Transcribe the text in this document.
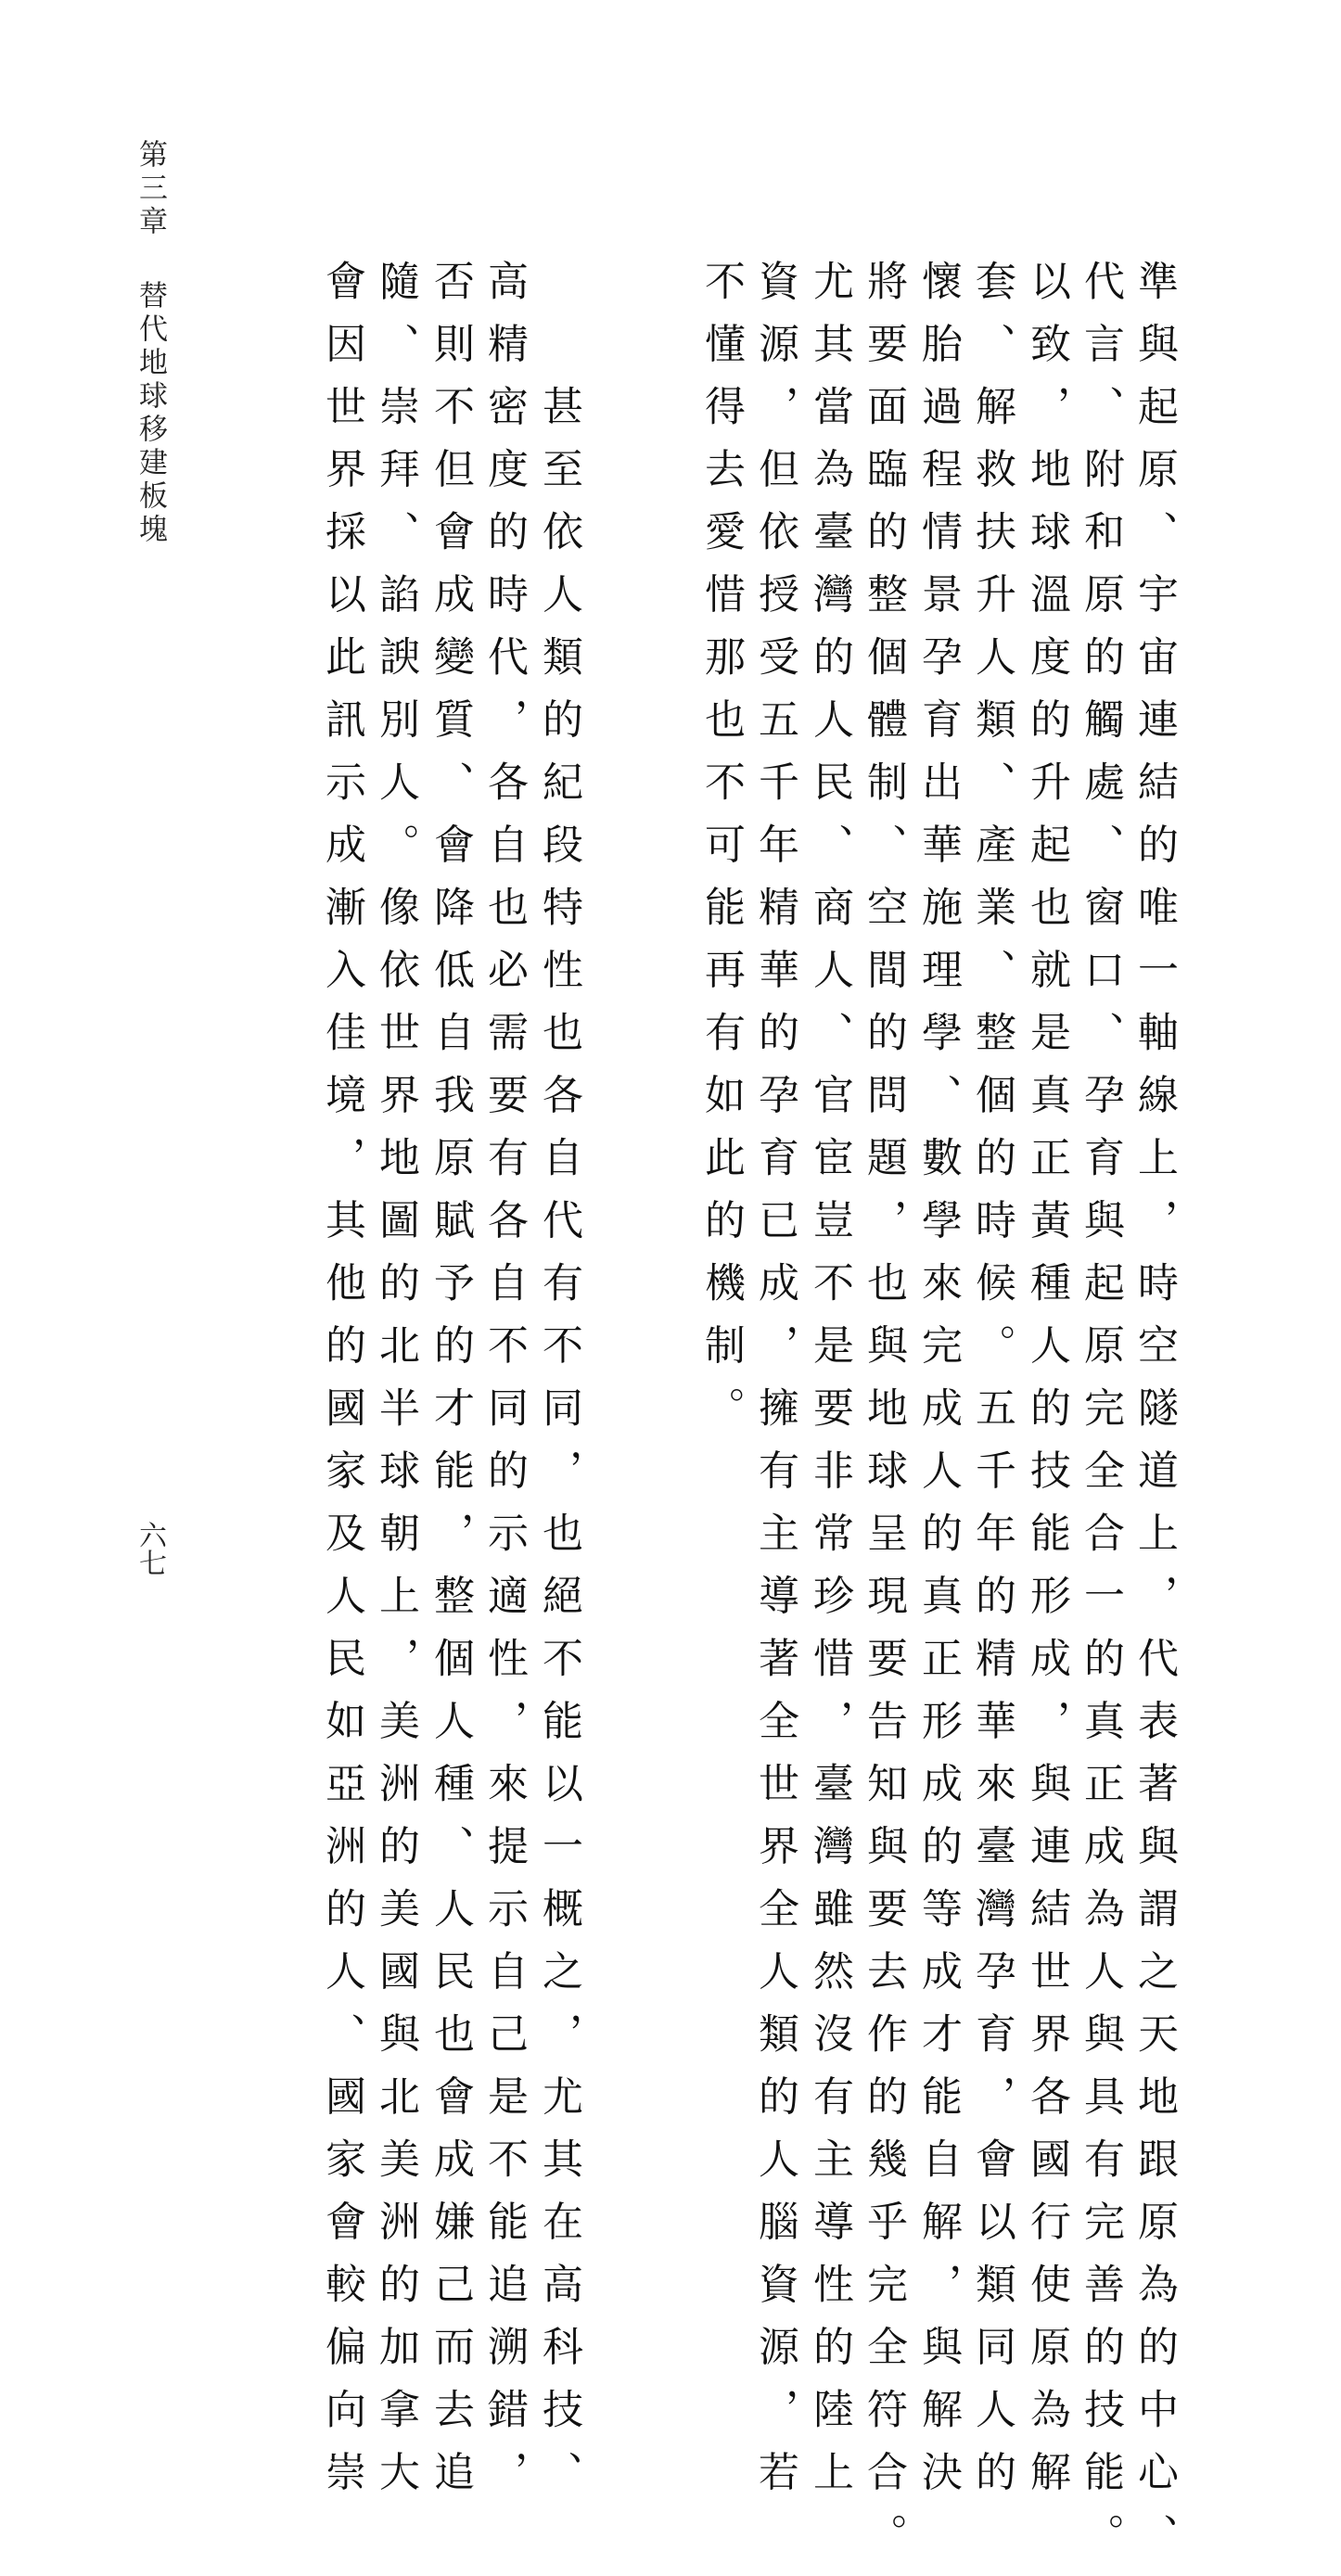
第三章替代地球移建板塊
六七	準與起原、宇宙連結的唯一軸線上，時空隧道上，代表著與謂之天地跟原為的中心、
代言、附和原的觸處、窗口、孕育與起原完全合一的真正成為人與具有完善的技能。
以致，地球溫度的升起也就是真正黃種人的技能形成，與連結世界各國行使原為解
套、解救扶升人類、產業、整個的時候。五千年的精華來臺灣孕育，會以類同人的
懷胎過程情景孕育出華施理學、數學來完成人的真正形成的等成才能自解，與解決
將要面臨的整個體制、空間的問題，也與地球呈現要告知與要去作的幾乎完全符合。
尤其當為臺灣的人民、商人、官宦豈不是要非常珍惜，臺灣雖然沒有主導性的陸上
資源，但依授受五千年精華的孕育已成，擁有主導著全世界全人類的人腦資源，若
不懂得去愛惜那也不可能再有如此的機制。
　　甚至依人類的紀段特性也各自代有不同，也絕不能以一概之，尤其在高科技、
高精密度的時代，各自也必需要有各自不同的示適性，來提示自己是不能追溯錯，
否則不但會成變質、會降低自我原賦予的才能，整個人種、人民也會成嫌己而去追
隨、崇拜、諂諛別人。像依世界地圖的北半球朝上，美洲的美國與北美洲的加拿大
會因世界採以此訊示成漸入佳境，其他的國家及人民如亞洲的人、國家會較偏向崇
